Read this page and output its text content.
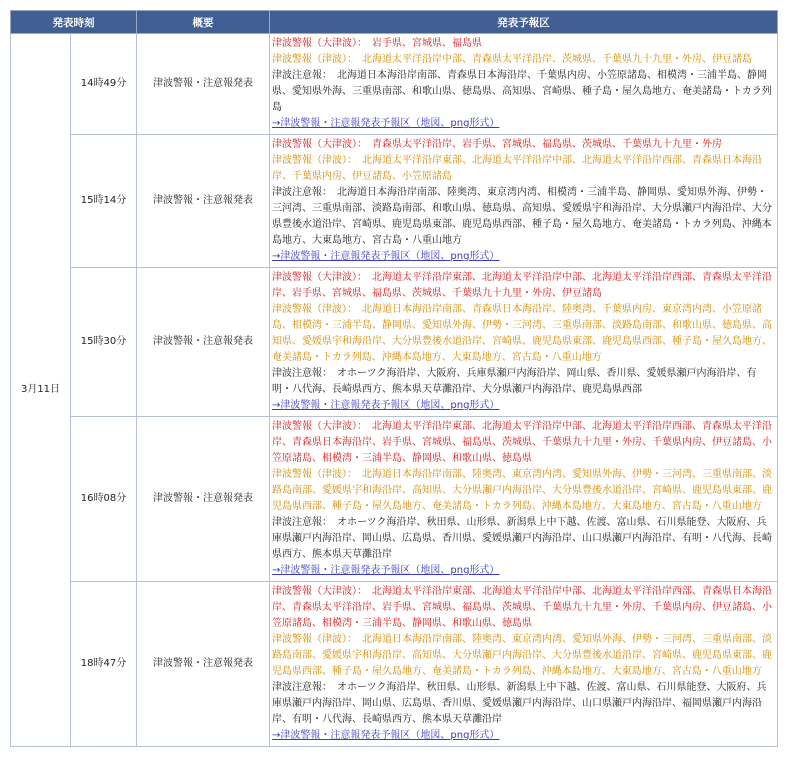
発表時刻		概要	発表予報区
3月11日	14時49分	津波警報・注意報発表	津波警報（大津波）：　岩手県、宮城県、福島県
津波警報（津波）：　北海道太平洋沿岸中部、青森県太平洋沿岸、茨城県、千葉県九十九里・外房、伊豆諸島
津波注意報：　北海道日本海沿岸南部、青森県日本海沿岸、千葉県内房、小笠原諸島、相模湾・三浦半島、静岡県、愛知県外海、三重県南部、和歌山県、徳島県、高知県、宮崎県、種子島・屋久島地方、奄美諸島・トカラ列島
→津波警報・注意報発表予報区（地図、png形式）

	15時14分	津波警報・注意報発表	津波警報（大津波）：　青森県太平洋沿岸、岩手県、宮城県、福島県、茨城県、千葉県九十九里・外房
津波警報（津波）：　北海道太平洋沿岸東部、北海道太平洋沿岸中部、北海道太平洋沿岸西部、青森県日本海沿岸、千葉県内房、伊豆諸島、小笠原諸島
津波注意報：　北海道日本海沿岸南部、陸奥湾、東京湾内湾、相模湾・三浦半島、静岡県、愛知県外海、伊勢・三河湾、三重県南部、淡路島南部、和歌山県、徳島県、高知県、愛媛県宇和海沿岸、大分県瀬戸内海沿岸、大分県豊後水道沿岸、宮崎県、鹿児島県東部、鹿児島県西部、種子島・屋久島地方、奄美諸島・トカラ列島、沖縄本島地方、大東島地方、宮古島・八重山地方
→津波警報・注意報発表予報区（地図、png形式）

	15時30分	津波警報・注意報発表	津波警報（大津波）：　北海道太平洋沿岸東部、北海道太平洋沿岸中部、北海道太平洋沿岸西部、青森県太平洋沿岸、岩手県、宮城県、福島県、茨城県、千葉県九十九里・外房、伊豆諸島
津波警報（津波）：　北海道日本海沿岸南部、青森県日本海沿岸、陸奥湾、千葉県内房、東京湾内湾、小笠原諸島、相模湾・三浦半島、静岡県、愛知県外海、伊勢・三河湾、三重県南部、淡路島南部、和歌山県、徳島県、高知県、愛媛県宇和海沿岸、大分県豊後水道沿岸、宮崎県、鹿児島県東部、鹿児島県西部、種子島・屋久島地方、奄美諸島・トカラ列島、沖縄本島地方、大東島地方、宮古島・八重山地方
津波注意報：　オホーツク海沿岸、大阪府、兵庫県瀬戸内海沿岸、岡山県、香川県、愛媛県瀬戸内海沿岸、有明・八代海、長崎県西方、熊本県天草灘沿岸、大分県瀬戸内海沿岸、鹿児島県西部
→津波警報・注意報発表予報区（地図、png形式）

	16時08分	津波警報・注意報発表	津波警報（大津波）：　北海道太平洋沿岸東部、北海道太平洋沿岸中部、北海道太平洋沿岸西部、青森県太平洋沿岸、青森県日本海沿岸、岩手県、宮城県、福島県、茨城県、千葉県九十九里・外房、千葉県内房、伊豆諸島、小笠原諸島、相模湾・三浦半島、静岡県、和歌山県、徳島県
津波警報（津波）：　北海道日本海沿岸南部、陸奥湾、東京湾内湾、愛知県外海、伊勢・三河湾、三重県南部、淡路島南部、愛媛県宇和海沿岸、高知県、大分県瀬戸内海沿岸、大分県豊後水道沿岸、宮崎県、鹿児島県東部、鹿児島県西部、種子島・屋久島地方、奄美諸島・トカラ列島、沖縄本島地方、大東島地方、宮古島・八重山地方
津波注意報：　オホーツク海沿岸、秋田県、山形県、新潟県上中下越、佐渡、富山県、石川県能登、大阪府、兵庫県瀬戸内海沿岸、岡山県、広島県、香川県、愛媛県瀬戸内海沿岸、山口県瀬戸内海沿岸、有明・八代海、長崎県西方、熊本県天草灘沿岸
→津波警報・注意報発表予報区（地図、png形式）

	18時47分	津波警報・注意報発表	津波警報（大津波）：　北海道太平洋沿岸東部、北海道太平洋沿岸中部、北海道太平洋沿岸西部、青森県日本海沿岸、青森県太平洋沿岸、岩手県、宮城県、福島県、茨城県、千葉県九十九里・外房、千葉県内房、伊豆諸島、小笠原諸島、相模湾・三浦半島、静岡県、和歌山県、徳島県
津波警報（津波）：　北海道日本海沿岸南部、陸奥湾、東京湾内湾、愛知県外海、伊勢・三河湾、三重県南部、淡路島南部、愛媛県宇和海沿岸、高知県、大分県瀬戸内海沿岸、大分県豊後水道沿岸、宮崎県、鹿児島県東部、鹿児島県西部、種子島・屋久島地方、奄美諸島・トカラ列島、沖縄本島地方、大東島地方、宮古島・八重山地方
津波注意報：　オホーツク海沿岸、秋田県、山形県、新潟県上中下越、佐渡、富山県、石川県能登、大阪府、兵庫県瀬戸内海沿岸、岡山県、広島県、香川県、愛媛県瀬戸内海沿岸、山口県瀬戸内海沿岸、福岡県瀬戸内海沿岸、有明・八代海、長崎県西方、熊本県天草灘沿岸
→津波警報・注意報発表予報区（地図、png形式）
